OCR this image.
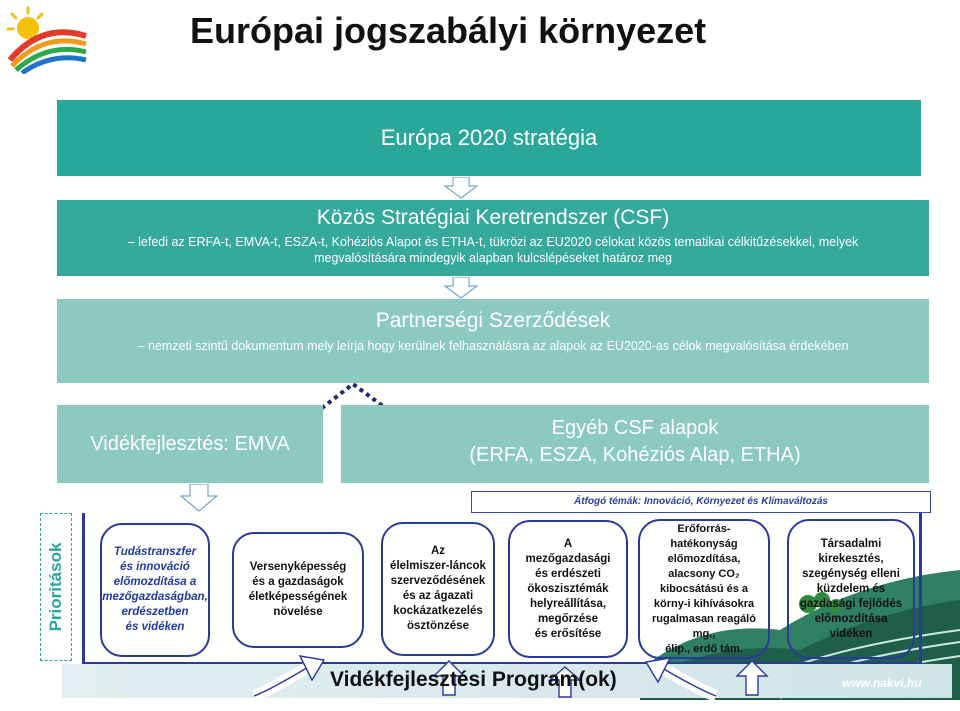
Európai jogszabályi környezet
Európa 2020 stratégia
Közös Stratégiai Keretrendszer (CSF)
– lefedi az ERFA-t, EMVA-t, ESZA-t, Kohéziós Alapot és ETHA-t, tükrözi az EU2020 célokat közös tematikai célkitűzésekkel, melyek megvalósítására mindegyik alapban kulcslépéseket határoz meg
Partnerségi Szerződések
– nemzeti szintű dokumentum mely leírja hogy kerülnek felhasználásra az alapok az EU2020-as célok megvalósítása érdekében
Vidékfejlesztés: EMVA
Egyéb CSF alapok
(ERFA, ESZA, Kohéziós Alap, ETHA)
Átfogó témák: Innováció, Környezet és Klímaváltozás
Prioritások	Tudástranszfer
és innováció
előmozdítása a
mezőgazdaságban,
erdészetben
és vidéken
Versenyképesség
és a gazdaságok
életképességének
növelése
Az
élelmiszer-láncok
szerveződésének
és az ágazati
kockázatkezelés
ösztönzése
A
mezőgazdasági
és erdészeti
ökoszisztémák
helyreállítása,
megőrzése
és erősítése
Erőforrás-hatékonyság
előmozdítása,
alacsony CO₂
kibocsátású és a
körny-i kihívásokra
rugalmasan reagáló
mg.,
élip., erdő tám.
Társadalmi
kirekesztés,
szegénység elleni
küzdelem és
gazdasági fejlődés
előmozdítása
vidéken
Vidékfejlesztési Program(ok)	www.nakvi.hu
